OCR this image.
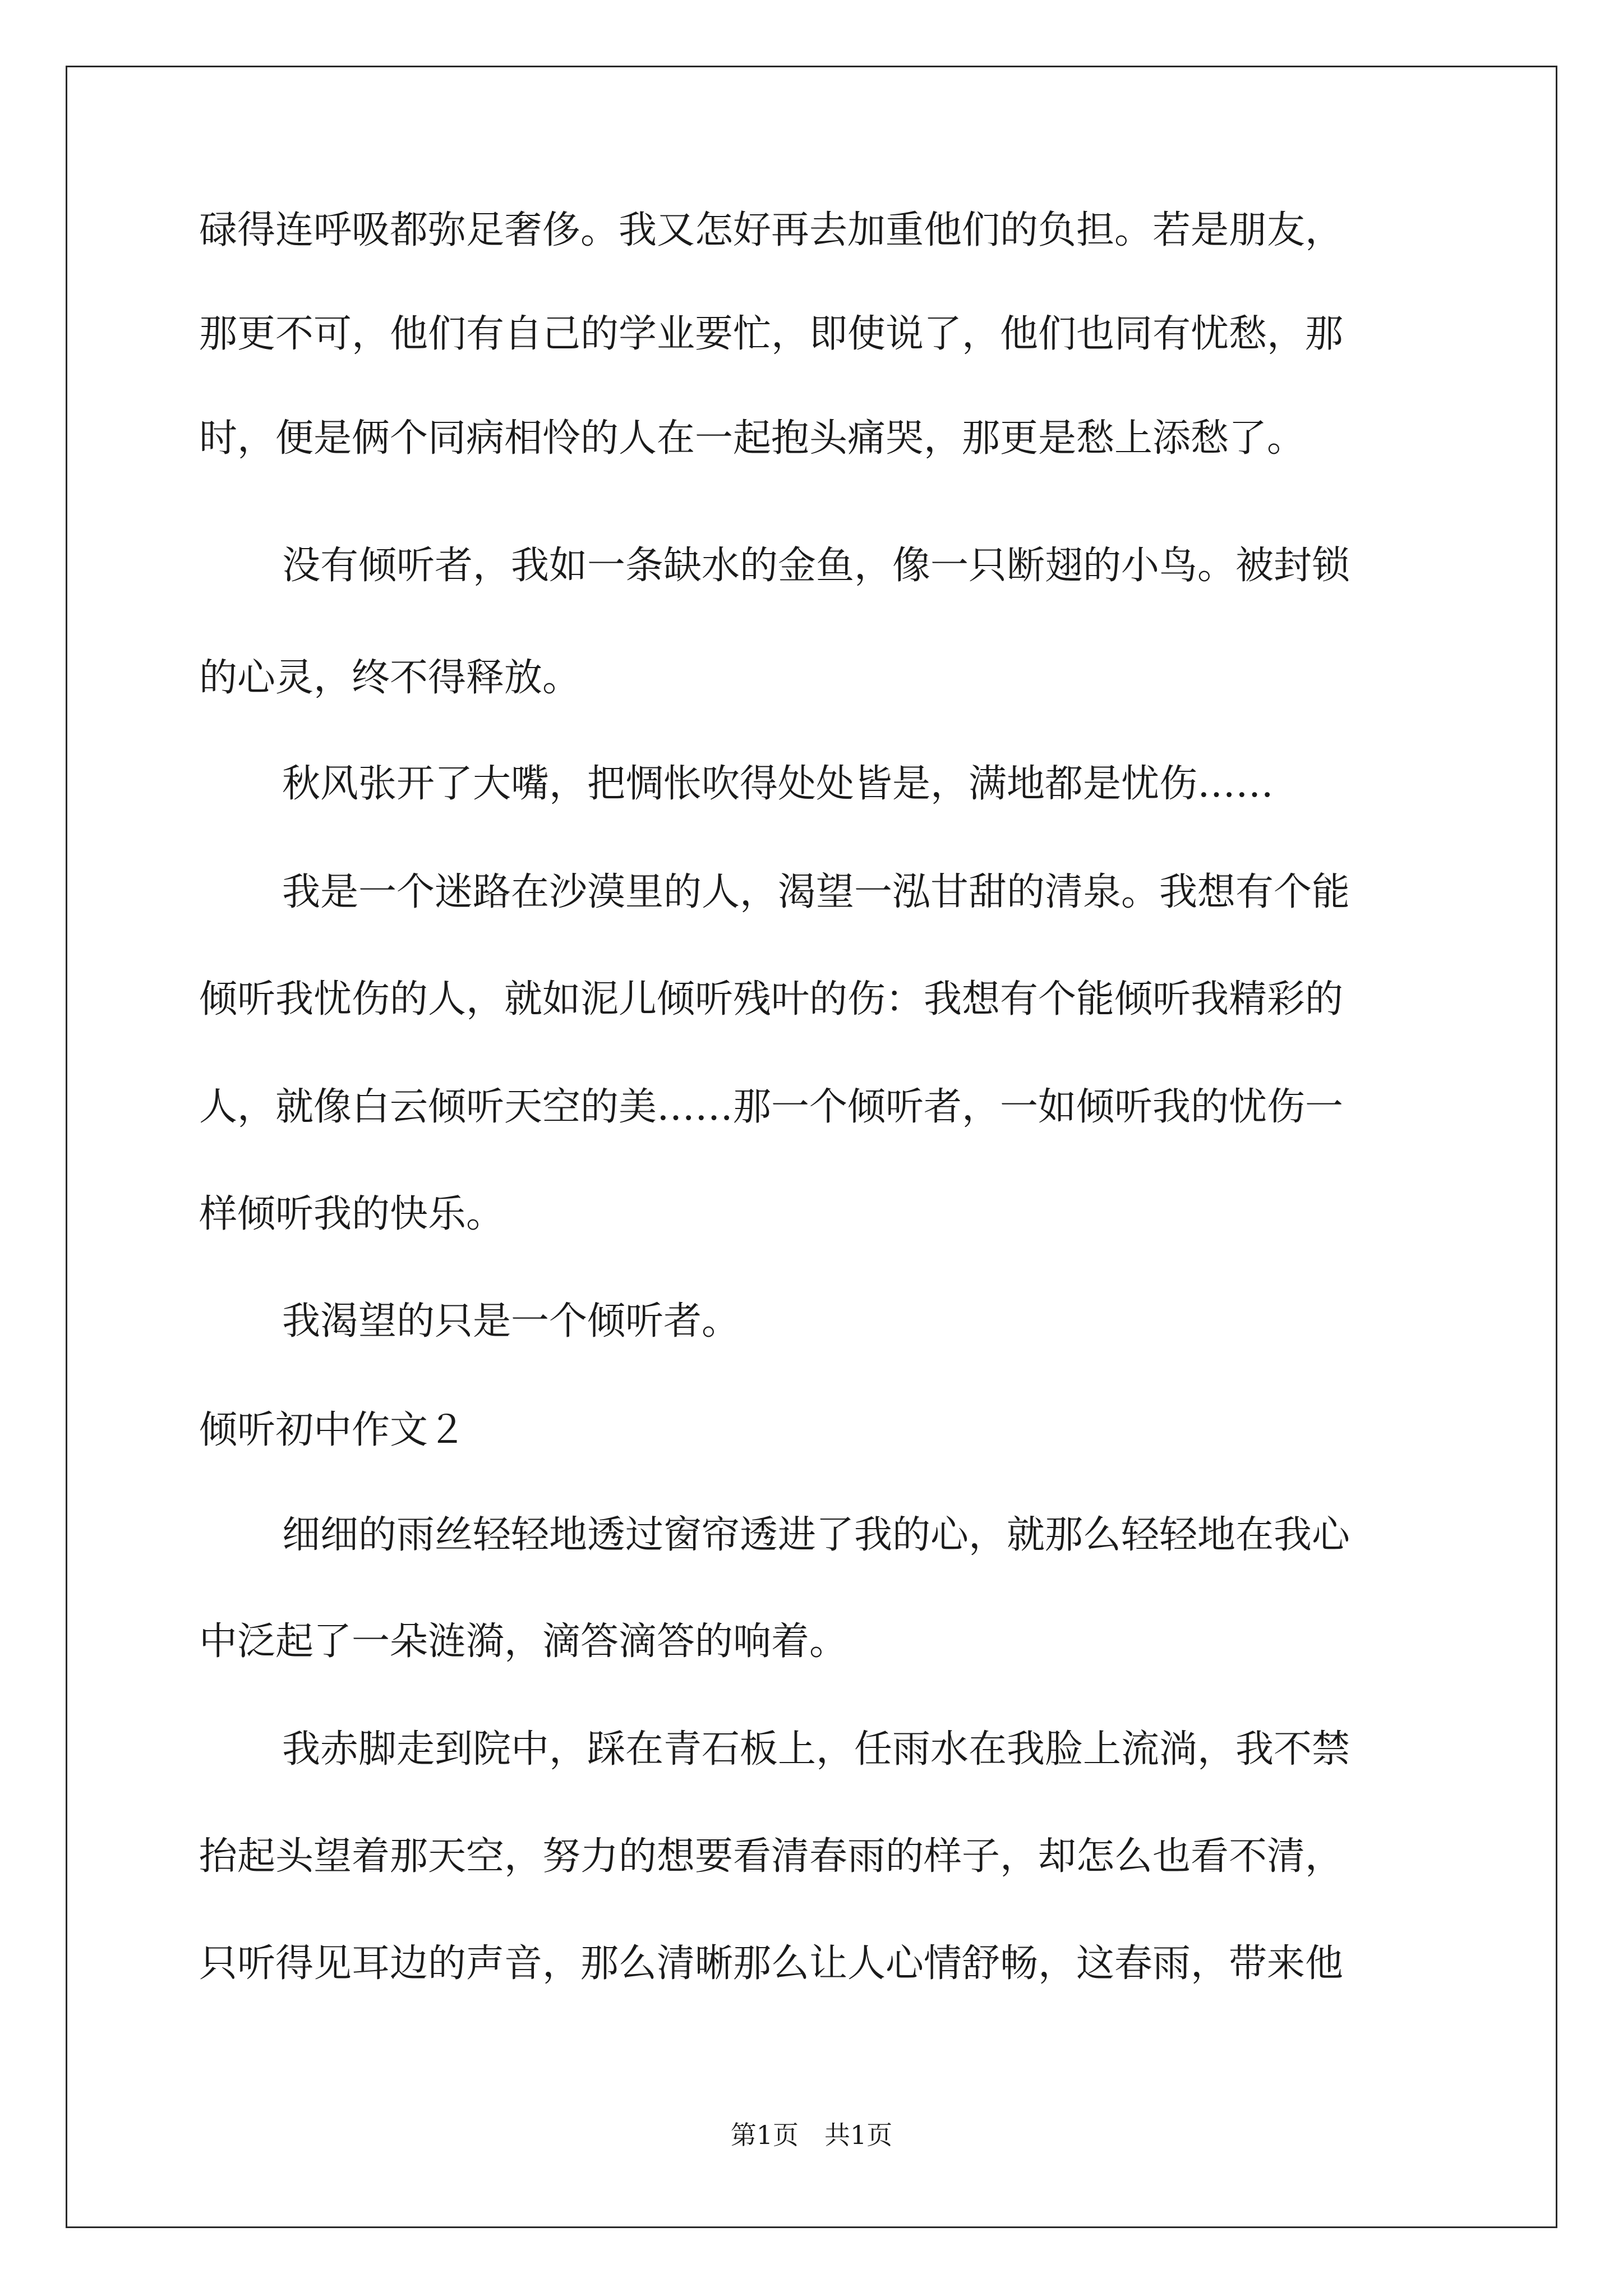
碌得连呼吸都弥足奢侈。我又怎好再去加重他们的负担。若是朋友，
那更不可，他们有自己的学业要忙，即使说了，他们也同有忧愁，那
时，便是俩个同病相怜的人在一起抱头痛哭，那更是愁上添愁了。
没有倾听者，我如一条缺水的金鱼，像一只断翅的小鸟。被封锁
的心灵，终不得释放。
秋风张开了大嘴，把惆怅吹得处处皆是，满地都是忧伤……
我是一个迷路在沙漠里的人，渴望一泓甘甜的清泉。我想有个能
倾听我忧伤的人，就如泥儿倾听残叶的伤：我想有个能倾听我精彩的
人，就像白云倾听天空的美……那一个倾听者，一如倾听我的忧伤一
样倾听我的快乐。
我渴望的只是一个倾听者。
倾听初中作文２
细细的雨丝轻轻地透过窗帘透进了我的心，就那么轻轻地在我心
中泛起了一朵涟漪，滴答滴答的响着。
我赤脚走到院中，踩在青石板上，任雨水在我脸上流淌，我不禁
抬起头望着那天空，努力的想要看清春雨的样子，却怎么也看不清，
只听得见耳边的声音，那么清晰那么让人心情舒畅，这春雨，带来他
第1页　共1页
